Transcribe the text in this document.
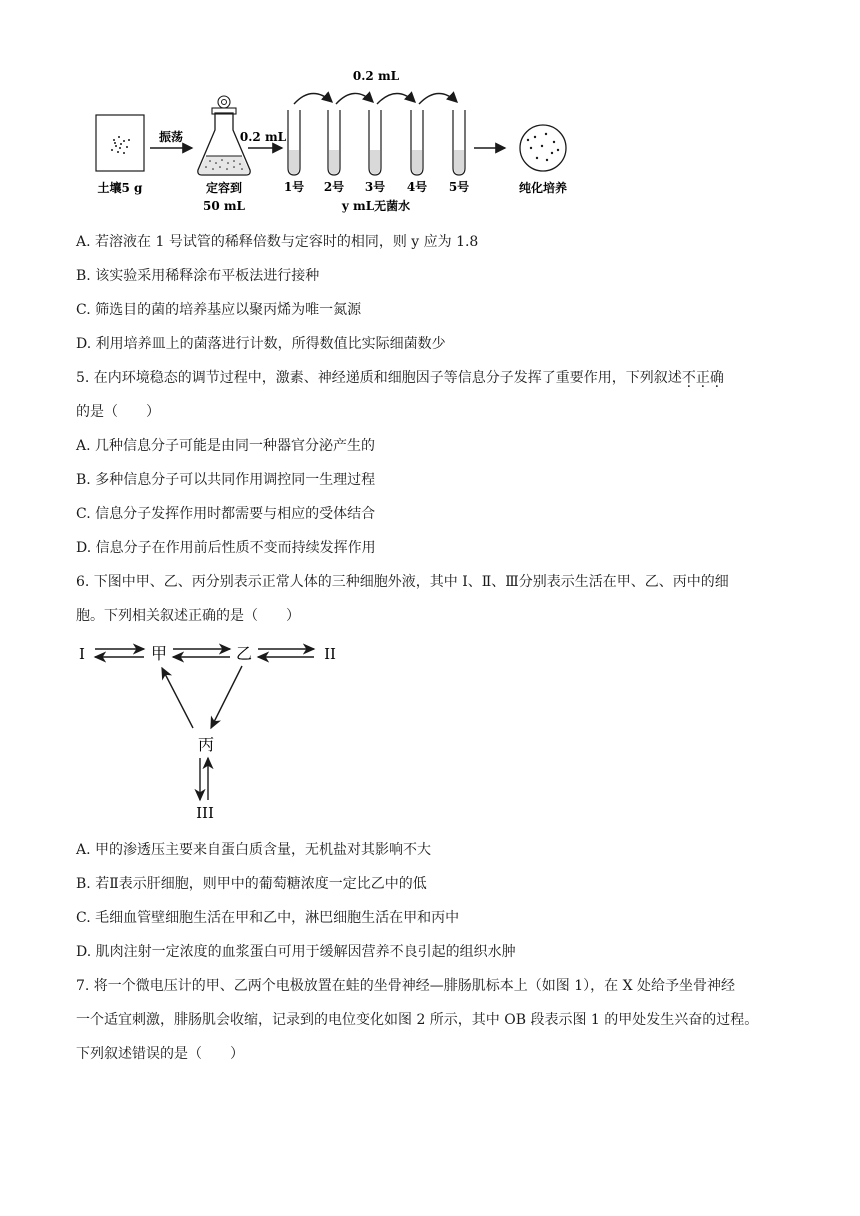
土壤5 g
振荡
定容到
50 mL
0.2 mL
0.2 mL
1号 2号 3号 4号 5号
y mL无菌水
纯化培养
A. 若溶液在 1 号试管的稀释倍数与定容时的相同，则 y 应为 1.8
B. 该实验采用稀释涂布平板法进行接种
C. 筛选目的菌的培养基应以聚丙烯为唯一氮源
D. 利用培养皿上的菌落进行计数，所得数值比实际细菌数少
5. 在内环境稳态的调节过程中，激素、神经递质和细胞因子等信息分子发挥了重要作用，下列叙述不正确
的是（　　）
A. 几种信息分子可能是由同一种器官分泌产生的
B. 多种信息分子可以共同作用调控同一生理过程
C. 信息分子发挥作用时都需要与相应的受体结合
D. 信息分子在作用前后性质不变而持续发挥作用
6. 下图中甲、乙、丙分别表示正常人体的三种细胞外液，其中 I、Ⅱ、Ⅲ分别表示生活在甲、乙、丙中的细
胞。下列相关叙述正确的是（　　）
I	甲	乙	II
丙
III
A. 甲的渗透压主要来自蛋白质含量，无机盐对其影响不大
B. 若Ⅱ表示肝细胞，则甲中的葡萄糖浓度一定比乙中的低
C. 毛细血管壁细胞生活在甲和乙中，淋巴细胞生活在甲和丙中
D. 肌肉注射一定浓度的血浆蛋白可用于缓解因营养不良引起的组织水肿
7. 将一个微电压计的甲、乙两个电极放置在蛙的坐骨神经—腓肠肌标本上（如图 1），在 X 处给予坐骨神经
一个适宜刺激，腓肠肌会收缩，记录到的电位变化如图 2 所示，其中 OB 段表示图 1 的甲处发生兴奋的过程。
下列叙述错误的是（　　）
